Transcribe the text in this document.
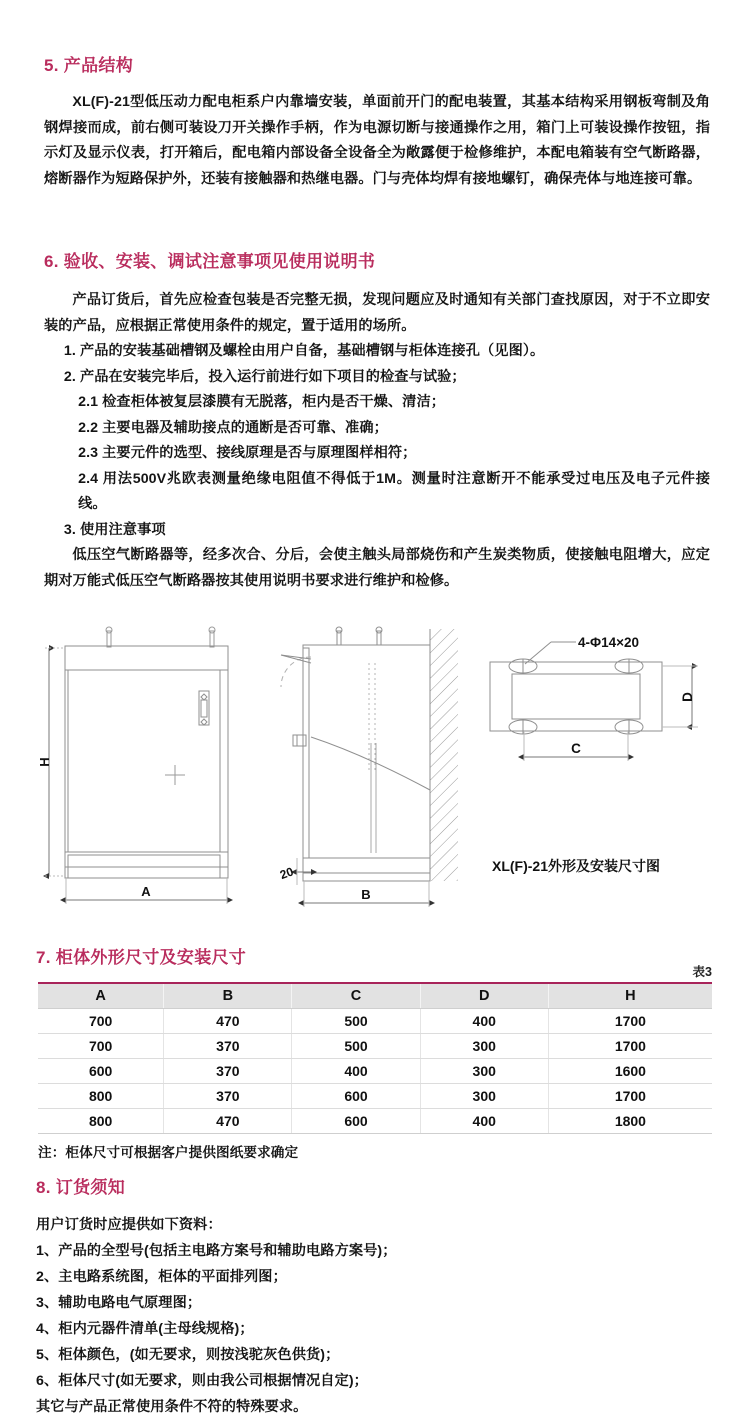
5. 产品结构

XL(F)-21型低压动力配电柜系户内靠墙安装，单面前开门的配电装置，其基本结构采用钢板弯制及角钢焊接而成，前右侧可装设刀开关操作手柄，作为电源切断与接通操作之用，箱门上可装设操作按钮，指示灯及显示仪表，打开箱后，配电箱内部设备全设备全为敞露便于检修维护，本配电箱装有空气断路器，熔断器作为短路保护外，还装有接触器和热继电器。门与壳体均焊有接地螺钉，确保壳体与地连接可靠。

6. 验收、安装、调试注意事项见使用说明书

产品订货后，首先应检查包装是否完整无损，发现问题应及时通知有关部门查找原因，对于不立即安装的产品，应根据正常使用条件的规定，置于适用的场所。

1. 产品的安装基础槽钢及螺栓由用户自备，基础槽钢与柜体连接孔（见图）。

2. 产品在安装完毕后，投入运行前进行如下项目的检查与试验；

2.1 检查柜体被复层漆膜有无脱落，柜内是否干燥、清洁；

2.2 主要电器及辅助接点的通断是否可靠、准确；

2.3 主要元件的选型、接线原理是否与原理图样相符；

2.4 用法500V兆欧表测量绝缘电阻值不得低于1M。测量时注意断开不能承受过电压及电子元件接线。

3. 使用注意事项

低压空气断路器等，经多次合、分后，会使主触头局部烧伤和产生炭类物质，使接触电阻增大，应定期对万能式低压空气断路器按其使用说明书要求进行维护和检修。

H
A
20
B
4-Φ14×20
C
D
XL(F)-21外形及安装尺寸图
7. 柜体外形尺寸及安装尺寸
表3
A	B	C	D	H
700	470	500	400	1700
700	370	500	300	1700
600	370	400	300	1600
800	370	600	300	1700
800	470	600	400	1800

注：柜体尺寸可根据客户提供图纸要求确定

8. 订货须知

用户订货时应提供如下资料：

1、产品的全型号(包括主电路方案号和辅助电路方案号)；

2、主电路系统图，柜体的平面排列图；

3、辅助电路电气原理图；

4、柜内元器件清单(主母线规格)；

5、柜体颜色，(如无要求，则按浅驼灰色供货)；

6、柜体尺寸(如无要求，则由我公司根据情况自定)；

其它与产品正常使用条件不符的特殊要求。
